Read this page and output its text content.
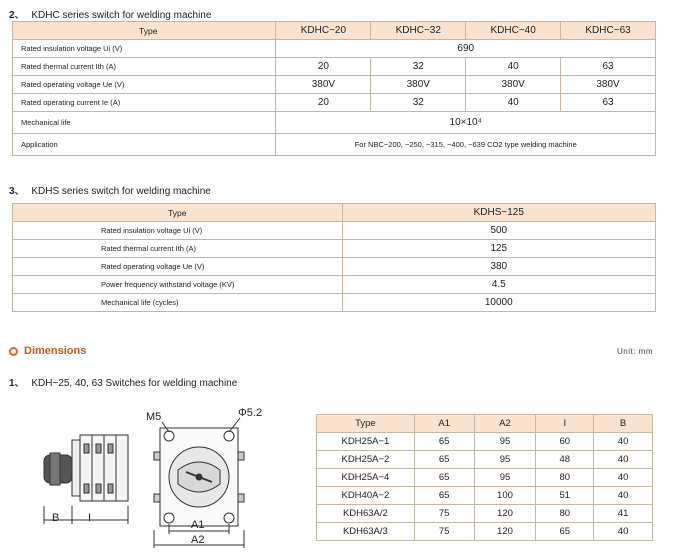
2、 KDHC series switch for welding machine
Type	KDHC−20	KDHC−32	KDHC−40	KDHC−63
Rated insulation voltage Ui (V)	690			
Rated thermal current Ith (A)	20	32	40	63
Rated operating voltage Ue (V)	380V	380V	380V	380V
Rated operating current Ie (A)	20	32	40	63
Mechanical life	10×10⁴			
Application	For NBC−200, −250, −315, −400, −639 CO2 type welding machine			
3、 KDHS series switch for welding machine
Type	KDHS−125
Rated insulation voltage Ui (V)	500
Rated thermal current Ith (A)	125
Rated operating voltage Ue (V)	380
Power frequency withstand voltage (KV)	4.5
Mechanical life (cycles)	10000
Dimensions	Unit: mm
1、 KDH−25, 40, 63 Switches for welding machine
B	I
M5	Φ5.2
A1
A2
Type	A1	A2	I	B
KDH25A−1	65	95	60	40
KDH25A−2	65	95	48	40
KDH25A−4	65	95	80	40
KDH40A−2	65	100	51	40
KDH63A/2	75	120	80	41
KDH63A/3	75	120	65	40
